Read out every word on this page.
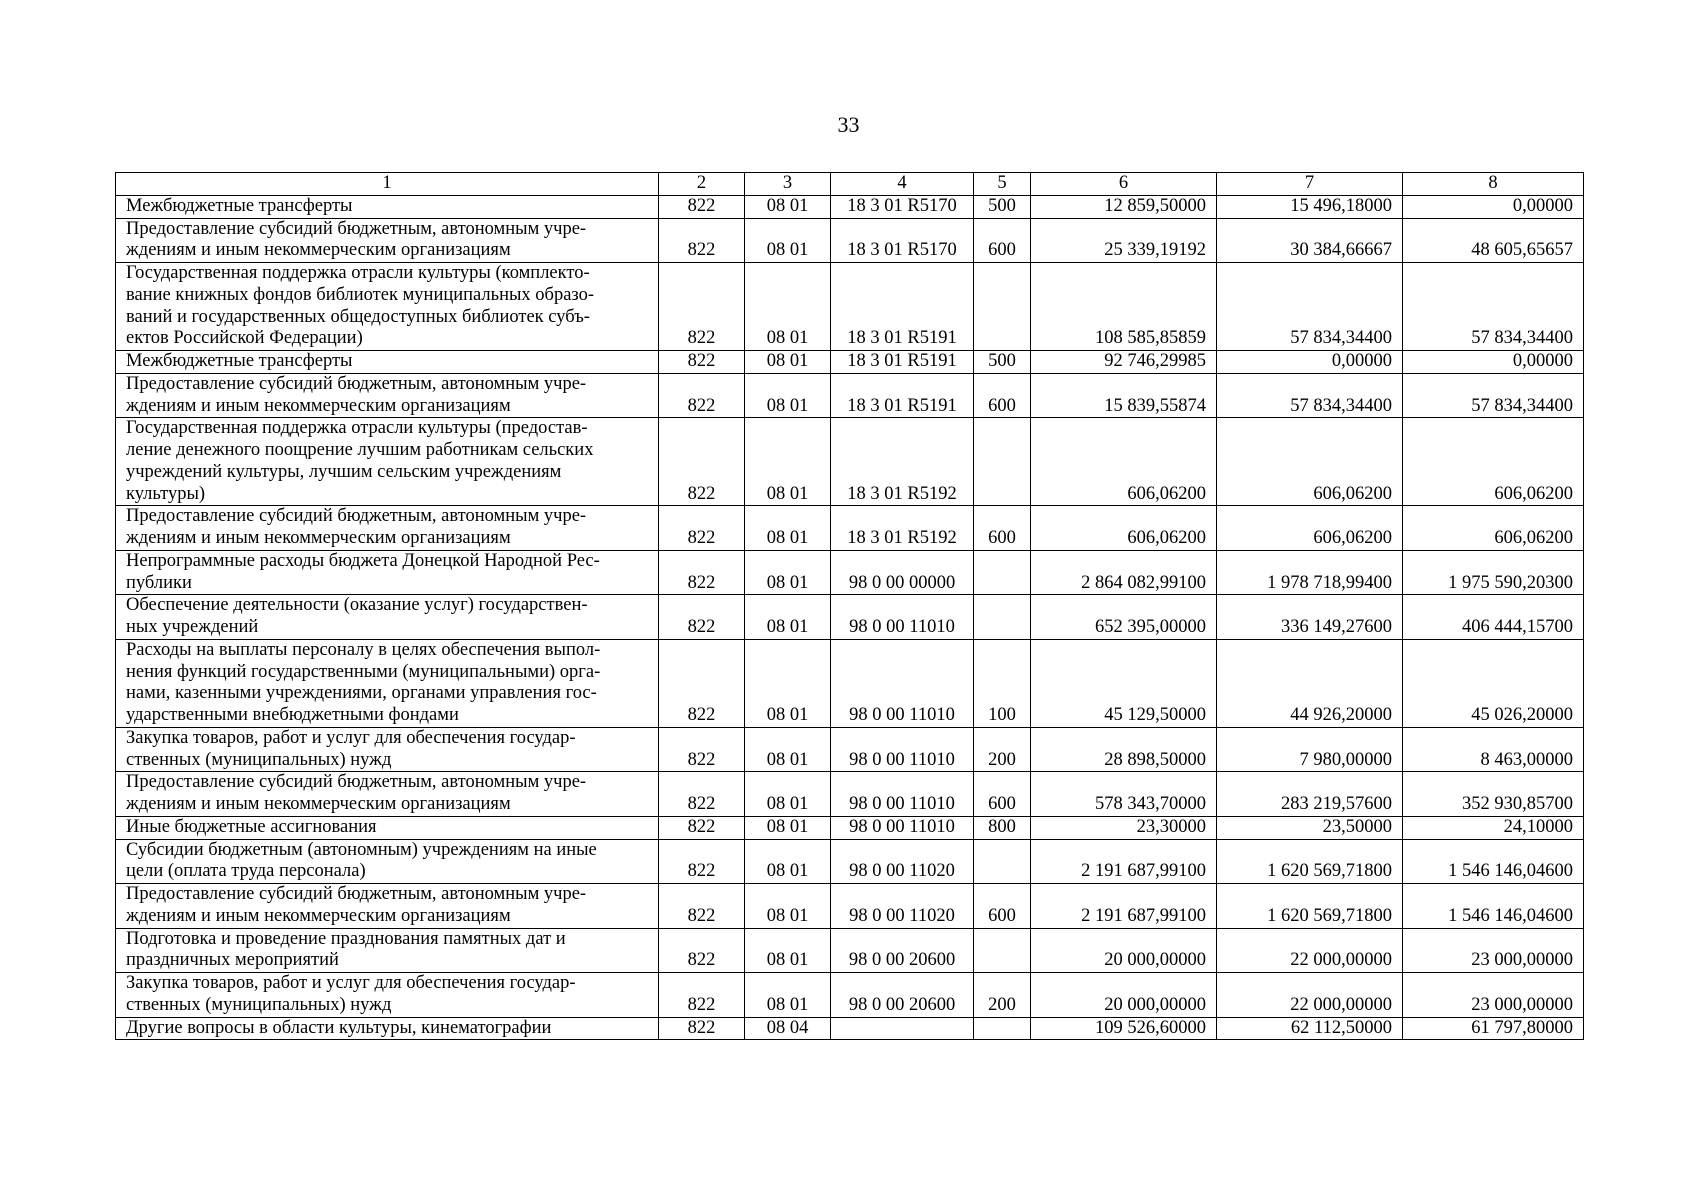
33
1	2	3	4	5	6	7	8

Межбюджетные трансферты	822	08 01	18 3 01 R5170	500	12 859,50000	15 496,18000	0,00000

Предоставление субсидий бюджетным, автономным учре-
ждениям и иным некоммерческим организациям	822	08 01	18 3 01 R5170	600	25 339,19192	30 384,66667	48 605,65657

Государственная поддержка отрасли культуры (комплекто-
вание книжных фондов библиотек муниципальных образо-
ваний и государственных общедоступных библиотек субъ-
ектов Российской Федерации)	822	08 01	18 3 01 R5191		108 585,85859	57 834,34400	57 834,34400

Межбюджетные трансферты	822	08 01	18 3 01 R5191	500	92 746,29985	0,00000	0,00000

Предоставление субсидий бюджетным, автономным учре-
ждениям и иным некоммерческим организациям	822	08 01	18 3 01 R5191	600	15 839,55874	57 834,34400	57 834,34400

Государственная поддержка отрасли культуры (предостав-
ление денежного поощрение лучшим работникам сельских
учреждений культуры, лучшим сельским учреждениям
культуры)	822	08 01	18 3 01 R5192		606,06200	606,06200	606,06200

Предоставление субсидий бюджетным, автономным учре-
ждениям и иным некоммерческим организациям	822	08 01	18 3 01 R5192	600	606,06200	606,06200	606,06200

Непрограммные расходы бюджета Донецкой Народной Рес-
публики	822	08 01	98 0 00 00000		2 864 082,99100	1 978 718,99400	1 975 590,20300

Обеспечение деятельности (оказание услуг) государствен-
ных учреждений	822	08 01	98 0 00 11010		652 395,00000	336 149,27600	406 444,15700

Расходы на выплаты персоналу в целях обеспечения выпол-
нения функций государственными (муниципальными) орга-
нами, казенными учреждениями, органами управления гос-
ударственными внебюджетными фондами	822	08 01	98 0 00 11010	100	45 129,50000	44 926,20000	45 026,20000

Закупка товаров, работ и услуг для обеспечения государ-
ственных (муниципальных) нужд	822	08 01	98 0 00 11010	200	28 898,50000	7 980,00000	8 463,00000

Предоставление субсидий бюджетным, автономным учре-
ждениям и иным некоммерческим организациям	822	08 01	98 0 00 11010	600	578 343,70000	283 219,57600	352 930,85700

Иные бюджетные ассигнования	822	08 01	98 0 00 11010	800	23,30000	23,50000	24,10000

Субсидии бюджетным (автономным) учреждениям на иные
цели (оплата труда персонала)	822	08 01	98 0 00 11020		2 191 687,99100	1 620 569,71800	1 546 146,04600

Предоставление субсидий бюджетным, автономным учре-
ждениям и иным некоммерческим организациям	822	08 01	98 0 00 11020	600	2 191 687,99100	1 620 569,71800	1 546 146,04600

Подготовка и проведение празднования памятных дат и
праздничных мероприятий	822	08 01	98 0 00 20600		20 000,00000	22 000,00000	23 000,00000

Закупка товаров, работ и услуг для обеспечения государ-
ственных (муниципальных) нужд	822	08 01	98 0 00 20600	200	20 000,00000	22 000,00000	23 000,00000

Другие вопросы в области культуры, кинематографии	822	08 04			109 526,60000	62 112,50000	61 797,80000
